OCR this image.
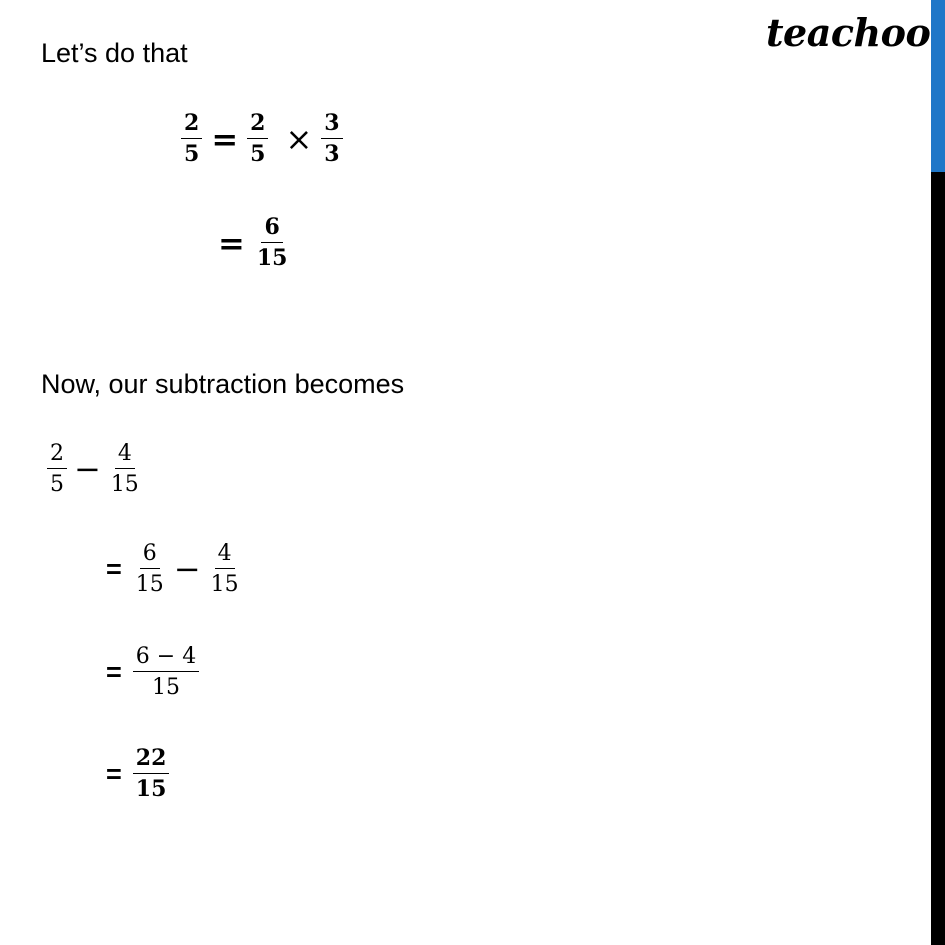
teachoo
Let’s do that
$\frac{2}{5} = \frac{2}{5} \times \frac{3}{3}$
= $\frac{6}{15}$
Now, our subtraction becomes
$\frac{2}{5} - \frac{4}{15}$
= $\frac{6}{15} - \frac{4}{15}$
= $\frac{6 - 4}{15}$
= $\frac{22}{15}$
